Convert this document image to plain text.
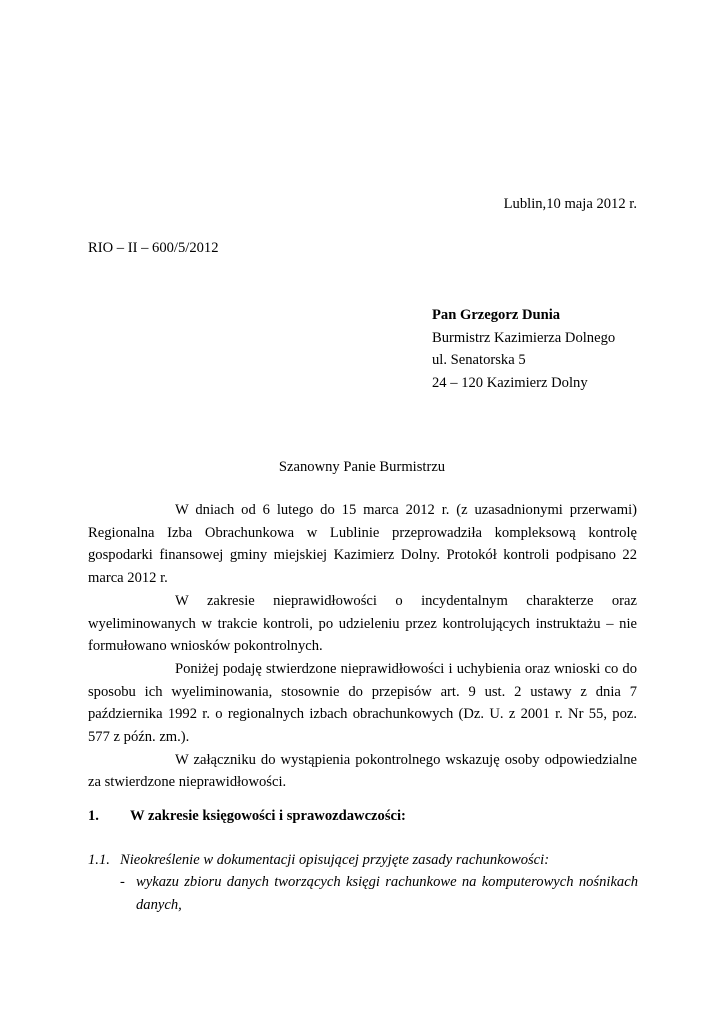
Lublin,10 maja 2012 r.
RIO – II – 600/5/2012
Pan Grzegorz Dunia
Burmistrz Kazimierza Dolnego
ul. Senatorska 5
24 – 120 Kazimierz Dolny
Szanowny Panie Burmistrzu

W dniach od 6 lutego do 15 marca 2012 r. (z uzasadnionymi przerwami) Regionalna Izba Obrachunkowa w Lublinie przeprowadziła kompleksową kontrolę gospodarki finansowej gminy miejskiej Kazimierz Dolny. Protokół kontroli podpisano 22 marca 2012 r.

W zakresie nieprawidłowości o incydentalnym charakterze oraz wyeliminowanych w trakcie kontroli, po udzieleniu przez kontrolujących instruktażu – nie formułowano wniosków pokontrolnych.

Poniżej podaję stwierdzone nieprawidłowości i uchybienia oraz wnioski co do sposobu ich wyeliminowania, stosownie do przepisów art. 9 ust. 2 ustawy z dnia 7 października 1992 r. o regionalnych izbach obrachunkowych (Dz. U. z 2001 r. Nr 55, poz. 577 z późn. zm.).

W załączniku do wystąpienia pokontrolnego wskazuję osoby odpowiedzialne za stwierdzone nieprawidłowości.

1. W zakresie księgowości i sprawozdawczości:
1.1. Nieokreślenie w dokumentacji opisującej przyjęte zasady rachunkowości:
- wykazu zbioru danych tworzących księgi rachunkowe na komputerowych nośnikach danych,
